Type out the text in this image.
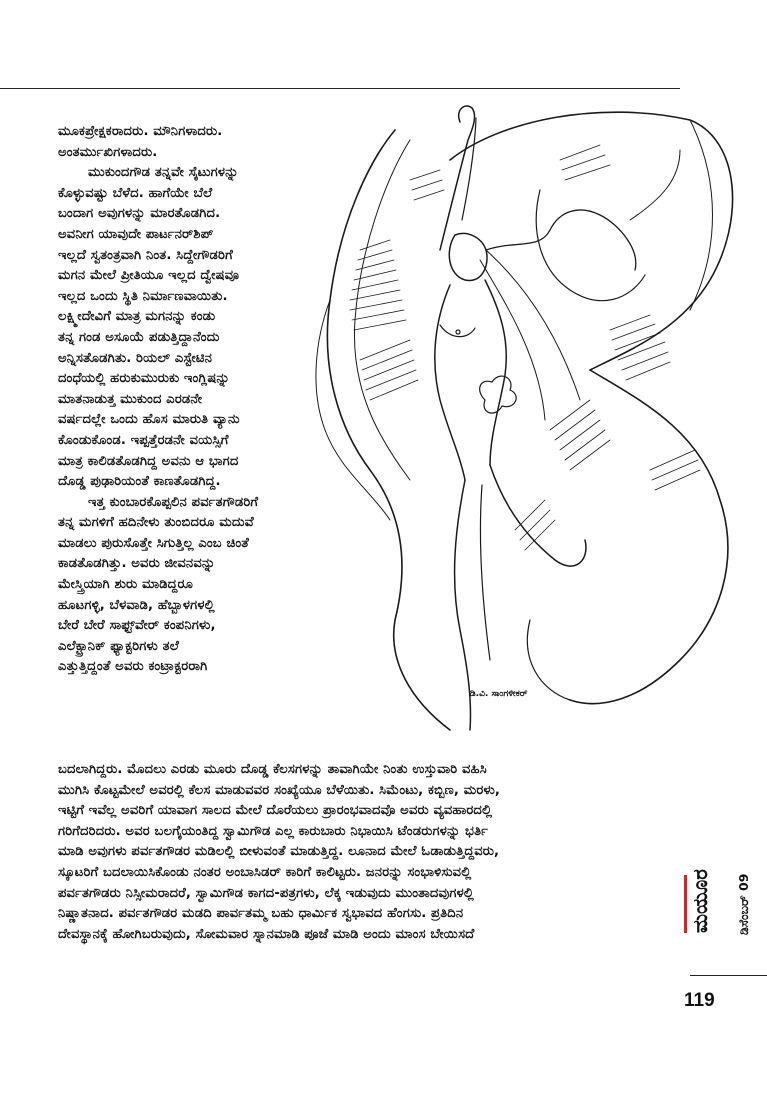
ಮೂಕಪ್ರೇಕ್ಷಕರಾದರು. ಮೌನಿಗಳಾದರು.

ಅಂತರ್ಮುಖಿಗಳಾದರು.

ಮುಕುಂದಗೌಡ ತನ್ನವೇ ಸೈಟುಗಳನ್ನು

ಕೊಳ್ಳುವಷ್ಟು ಬೆಳೆದ. ಹಾಗೆಯೇ ಬೆಲೆ

ಬಂದಾಗ ಅವುಗಳನ್ನು ಮಾರತೊಡಗಿದ.

ಅವನೀಗ ಯಾವುದೇ ಪಾರ್ಟನರ್‌ಶಿಪ್

ಇಲ್ಲದೆ ಸ್ವತಂತ್ರವಾಗಿ ನಿಂತ. ಸಿದ್ದೇಗೌಡರಿಗೆ

ಮಗನ ಮೇಲೆ ಪ್ರೀತಿಯೂ ಇಲ್ಲದ ದ್ವೇಷವೂ

ಇಲ್ಲದ ಒಂದು ಸ್ಥಿತಿ ನಿರ್ಮಾಣವಾಯಿತು.

ಲಕ್ಷ್ಮೀದೇವಿಗೆ ಮಾತ್ರ ಮಗನನ್ನು ಕಂಡು

ತನ್ನ ಗಂಡ ಅಸೂಯೆ ಪಡುತ್ತಿದ್ದಾನೆಂದು

ಅನ್ನಿಸತೊಡಗಿತು. ರಿಯಲ್ ಎಸ್ಟೇಟಿನ

ದಂಧೆಯಲ್ಲಿ ಹರುಕುಮುರುಕು ಇಂಗ್ಲಿಷನ್ನು

ಮಾತನಾಡುತ್ತ ಮುಕುಂದ ಎರಡನೇ

ವರ್ಷದಲ್ಲೇ ಒಂದು ಹೊಸ ಮಾರುತಿ ವ್ಯಾನು

ಕೊಂಡುಕೊಂಡ. ಇಪ್ಪತ್ತೆರಡನೇ ವಯಸ್ಸಿಗೆ

ಮಾತ್ರ ಕಾಲಿಡತೊಡಗಿದ್ದ ಅವನು ಆ ಭಾಗದ

ದೊಡ್ಡ ಪುಢಾರಿಯಂತೆ ಕಾಣತೊಡಗಿದ್ದ.

ಇತ್ತ ಕುಂಬಾರಕೊಪ್ಪಲಿನ ಪರ್ವತಗೌಡರಿಗೆ

ತನ್ನ ಮಗಳಿಗೆ ಹದಿನೇಳು ತುಂಬಿದರೂ ಮದುವೆ

ಮಾಡಲು ಪುರುಸೊತ್ತೇ ಸಿಗುತ್ತಿಲ್ಲ ಎಂಬ ಚಿಂತೆ

ಕಾಡತೊಡಗಿತ್ತು. ಅವರು ಜೀವನವನ್ನು

ಮೇಸ್ತ್ರಿಯಾಗಿ ಶುರು ಮಾಡಿದ್ದರೂ

ಹೂಟಗಳ್ಳಿ, ಬೆಳವಾಡಿ, ಹೆಬ್ಬಾಳಗಳಲ್ಲಿ

ಬೇರೆ ಬೇರೆ ಸಾಫ್ಟ್‌ವೇರ್ ಕಂಪನಿಗಳು,

ಎಲೆಕ್ಟ್ರಾನಿಕ್ ಫ್ಯಾಕ್ಟರಿಗಳು ತಲೆ

ಎತ್ತುತ್ತಿದ್ದಂತೆ ಅವರು ಕಂಟ್ರಾಕ್ಟರರಾಗಿ

ಡಿ.ವಿ. ಸಾಂಗಳೀಕರ್

ಬದಲಾಗಿದ್ದರು. ಮೊದಲು ಎರಡು ಮೂರು ದೊಡ್ಡ ಕೆಲಸಗಳನ್ನು ತಾವಾಗಿಯೇ ನಿಂತು ಉಸ್ತುವಾರಿ ವಹಿಸಿ

ಮುಗಿಸಿ ಕೊಟ್ಟಮೇಲೆ ಅವರಲ್ಲಿ ಕೆಲಸ ಮಾಡುವವರ ಸಂಖ್ಯೆಯೂ ಬೆಳೆಯಿತು. ಸಿಮೆಂಟು, ಕಬ್ಬಿಣ, ಮರಳು,

ಇಟ್ಟಿಗೆ ಇವೆಲ್ಲ ಅವರಿಗೆ ಯಾವಾಗ ಸಾಲದ ಮೇಲೆ ದೊರೆಯಲು ಪ್ರಾರಂಭವಾದವೊ ಅವರು ವ್ಯವಹಾರದಲ್ಲಿ

ಗರಿಗೆದರಿದರು. ಅವರ ಬಲಗೈಯಂತಿದ್ದ ಸ್ವಾಮಿಗೌಡ ಎಲ್ಲ ಕಾರುಬಾರು ನಿಭಾಯಿಸಿ ಟೆಂಡರುಗಳನ್ನು ಭರ್ತಿ

ಮಾಡಿ ಅವುಗಳು ಪರ್ವತಗೌಡರ ಮಡಿಲಲ್ಲಿ ಬೀಳುವಂತೆ ಮಾಡುತ್ತಿದ್ದ. ಲೂನಾದ ಮೇಲೆ ಓಡಾಡುತ್ತಿದ್ದವರು,

ಸ್ಕೂಟರಿಗೆ ಬದಲಾಯಿಸಿಕೊಂಡು ನಂತರ ಅಂಬಾಸಿಡರ್ ಕಾರಿಗೆ ಕಾಲಿಟ್ಟರು. ಜನರನ್ನು ಸಂಭಾಳಿಸುವಲ್ಲಿ

ಪರ್ವತಗೌಡರು ನಿಸ್ಸೀಮರಾದರೆ, ಸ್ವಾಮಿಗೌಡ ಕಾಗದ-ಪತ್ರಗಳು, ಲೆಕ್ಕ ಇಡುವುದು ಮುಂತಾದವುಗಳಲ್ಲಿ

ನಿಷ್ಣಾತನಾದ. ಪರ್ವತಗೌಡರ ಮಡದಿ ಪಾರ್ವತಮ್ಮ ಬಹು ಧಾರ್ಮಿಕ ಸ್ವಭಾವದ ಹೆಂಗಸು. ಪ್ರತಿದಿನ

ದೇವಸ್ಥಾನಕ್ಕೆ ಹೋಗಿಬರುವುದು, ಸೋಮವಾರ ಸ್ನಾನಮಾಡಿ ಪೂಜೆ ಮಾಡಿ ಅಂದು ಮಾಂಸ ಬೇಯಿಸದೆ

ಮಯೂರ ಡಿಸೆಂಬರ್ 09
119
